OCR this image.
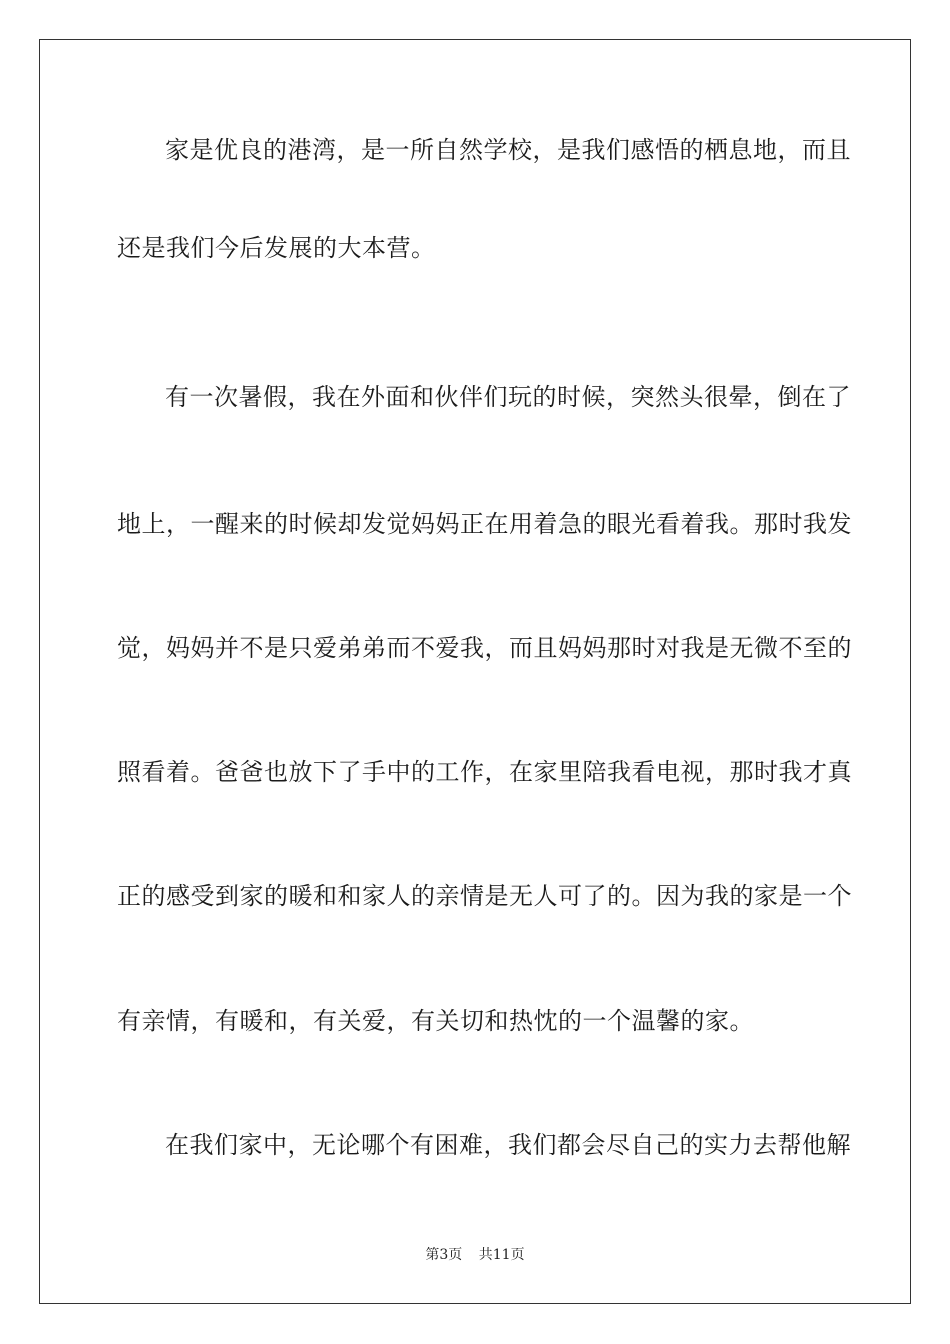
家是优良的港湾，是一所自然学校，是我们感悟的栖息地，而且
还是我们今后发展的大本营。
有一次暑假，我在外面和伙伴们玩的时候，突然头很晕，倒在了
地上，一醒来的时候却发觉妈妈正在用着急的眼光看着我。那时我发
觉，妈妈并不是只爱弟弟而不爱我，而且妈妈那时对我是无微不至的
照看着。爸爸也放下了手中的工作，在家里陪我看电视，那时我才真
正的感受到家的暖和和家人的亲情是无人可了的。因为我的家是一个
有亲情，有暖和，有关爱，有关切和热忱的一个温馨的家。
在我们家中，无论哪个有困难，我们都会尽自己的实力去帮他解
第3页 共11页
